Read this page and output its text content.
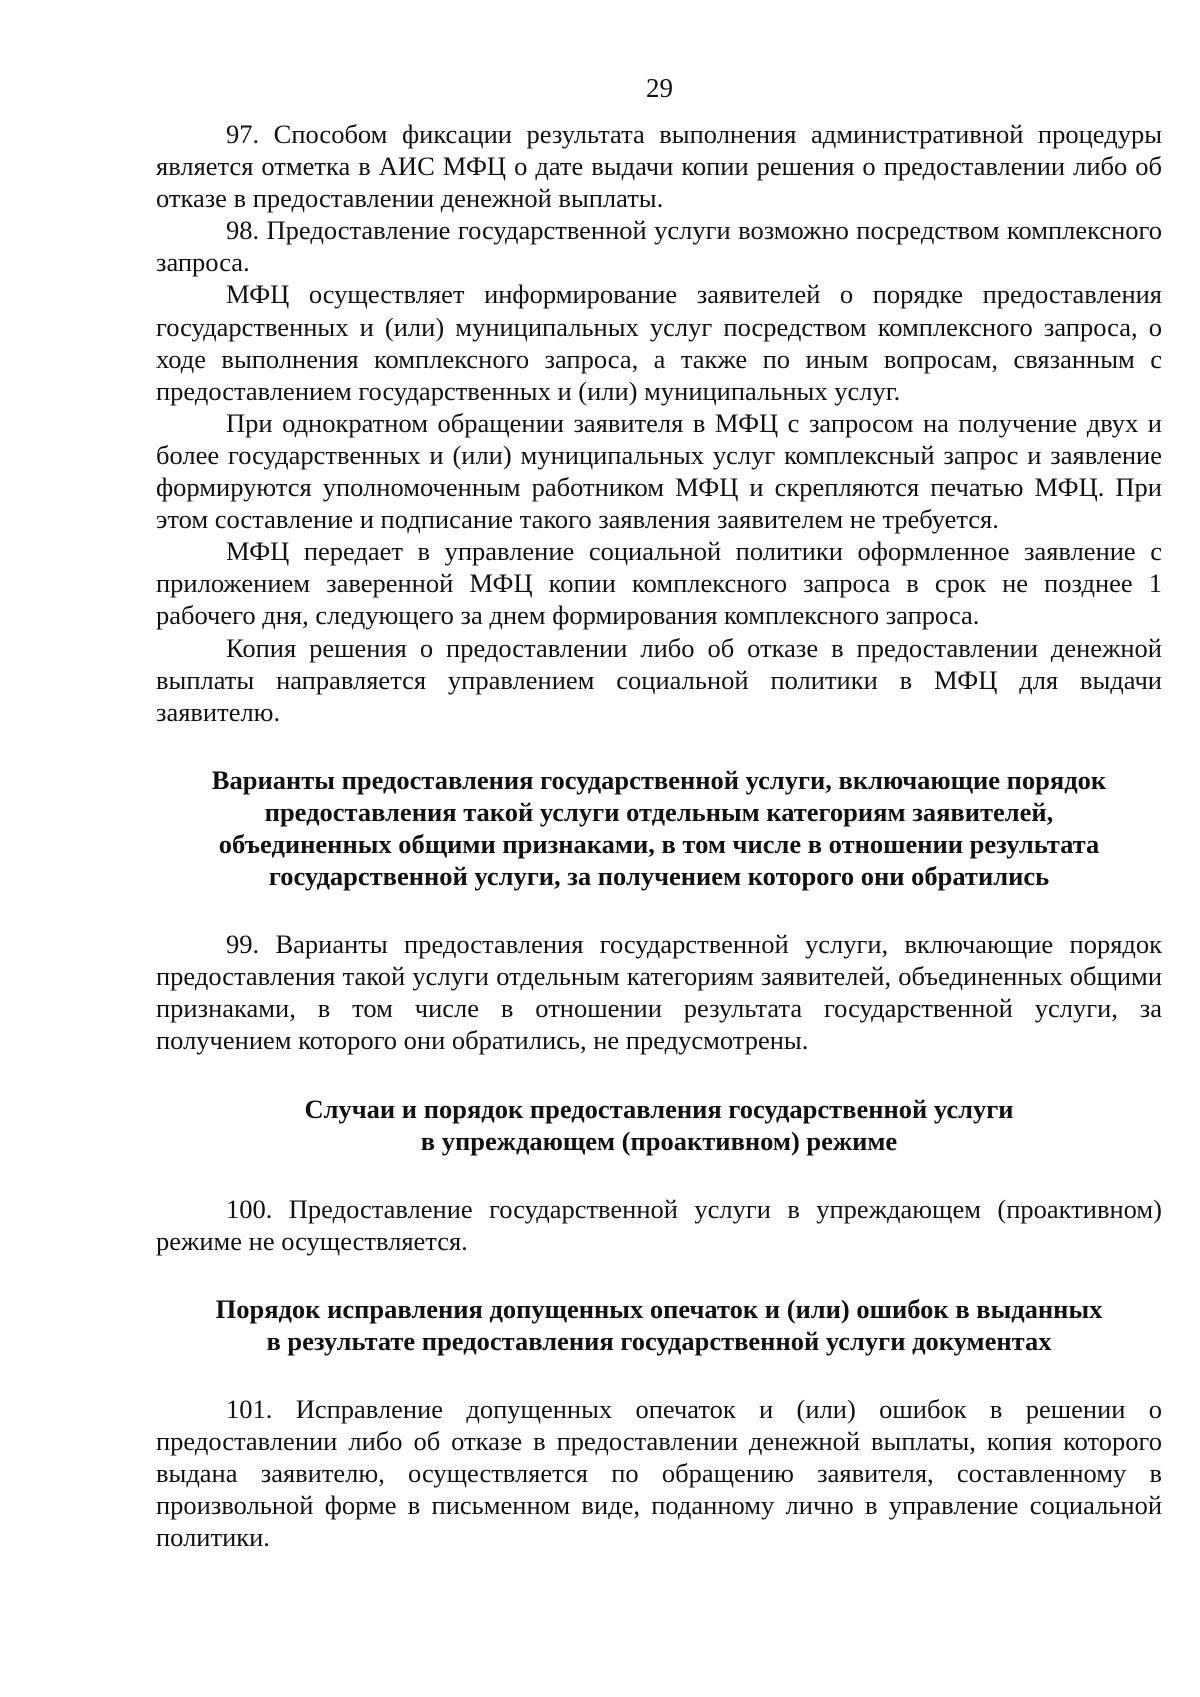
29

97. Способом фиксации результата выполнения административной процедуры является отметка в АИС МФЦ о дате выдачи копии решения о предоставлении либо об отказе в предоставлении денежной выплаты.

98. Предоставление государственной услуги возможно посредством комплексного запроса.

МФЦ осуществляет информирование заявителей о порядке предоставления государственных и (или) муниципальных услуг посредством комплексного запроса, о ходе выполнения комплексного запроса, а также по иным вопросам, связанным с предоставлением государственных и (или) муниципальных услуг.

При однократном обращении заявителя в МФЦ с запросом на получение двух и более государственных и (или) муниципальных услуг комплексный запрос и заявление формируются уполномоченным работником МФЦ и скрепляются печатью МФЦ. При этом составление и подписание такого заявления заявителем не требуется.

МФЦ передает в управление социальной политики оформленное заявление с приложением заверенной МФЦ копии комплексного запроса в срок не позднее 1 рабочего дня, следующего за днем формирования комплексного запроса.

Копия решения о предоставлении либо об отказе в предоставлении денежной выплаты направляется управлением социальной политики в МФЦ для выдачи заявителю.

Варианты предоставления государственной услуги, включающие порядок предоставления такой услуги отдельным категориям заявителей, объединенных общими признаками, в том числе в отношении результата государственной услуги, за получением которого они обратились

99. Варианты предоставления государственной услуги, включающие порядок предоставления такой услуги отдельным категориям заявителей, объединенных общими признаками, в том числе в отношении результата государственной услуги, за получением которого они обратились, не предусмотрены.

Случаи и порядок предоставления государственной услуги

в упреждающем (проактивном) режиме

100. Предоставление государственной услуги в упреждающем (проактивном) режиме не осуществляется.

Порядок исправления допущенных опечаток и (или) ошибок в выданных

в результате предоставления государственной услуги документах

101. Исправление допущенных опечаток и (или) ошибок в решении о предоставлении либо об отказе в предоставлении денежной выплаты, копия которого выдана заявителю, осуществляется по обращению заявителя, составленному в произвольной форме в письменном виде, поданному лично в управление социальной политики.
